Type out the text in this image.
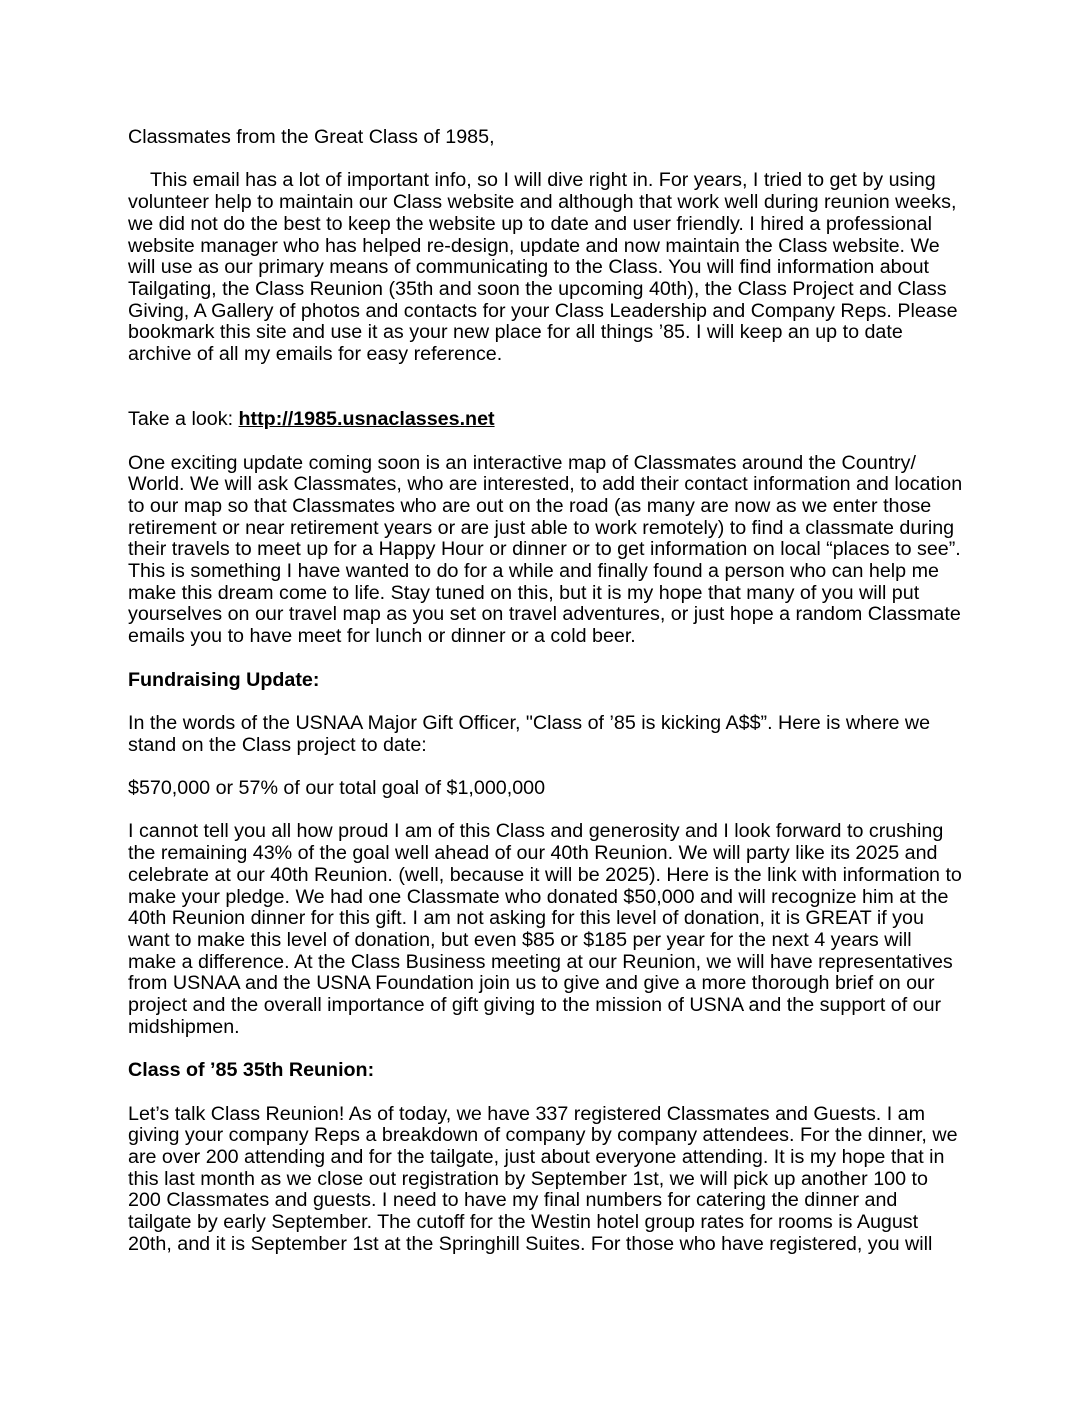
Classmates from the Great Class of 1985,
This email has a lot of important info, so I will dive right in. For years, I tried to get by using volunteer help to maintain our Class website and although that work well during reunion weeks, we did not do the best to keep the website up to date and user friendly. I hired a professional website manager who has helped re-design, update and now maintain the Class website. We will use as our primary means of communicating to the Class. You will find information about Tailgating, the Class Reunion (35th and soon the upcoming 40th), the Class Project and Class Giving, A Gallery of photos and contacts for your Class Leadership and Company Reps. Please bookmark this site and use it as your new place for all things ’85. I will keep an up to date archive of all my emails for easy reference.
Take a look: http://1985.usnaclasses.net
One exciting update coming soon is an interactive map of Classmates around the Country/ World. We will ask Classmates, who are interested, to add their contact information and location to our map so that Classmates who are out on the road (as many are now as we enter those retirement or near retirement years or are just able to work remotely) to find a classmate during their travels to meet up for a Happy Hour or dinner or to get information on local “places to see”. This is something I have wanted to do for a while and finally found a person who can help me make this dream come to life. Stay tuned on this, but it is my hope that many of you will put yourselves on our travel map as you set on travel adventures, or just hope a random Classmate emails you to have meet for lunch or dinner or a cold beer.
Fundraising Update:
In the words of the USNAA Major Gift Officer, "Class of ’85 is kicking A$$”. Here is where we stand on the Class project to date:
$570,000 or 57% of our total goal of $1,000,000
I cannot tell you all how proud I am of this Class and generosity and I look forward to crushing the remaining 43% of the goal well ahead of our 40th Reunion. We will party like its 2025 and celebrate at our 40th Reunion. (well, because it will be 2025). Here is the link with information to make your pledge. We had one Classmate who donated $50,000 and will recognize him at the 40th Reunion dinner for this gift. I am not asking for this level of donation, it is GREAT if you want to make this level of donation, but even $85 or $185 per year for the next 4 years will make a difference. At the Class Business meeting at our Reunion, we will have representatives from USNAA and the USNA Foundation join us to give and give a more thorough brief on our project and the overall importance of gift giving to the mission of USNA and the support of our midshipmen.
Class of ’85 35th Reunion:
Let’s talk Class Reunion! As of today, we have 337 registered Classmates and Guests. I am giving your company Reps a breakdown of company by company attendees. For the dinner, we are over 200 attending and for the tailgate, just about everyone attending. It is my hope that in this last month as we close out registration by September 1st, we will pick up another 100 to 200 Classmates and guests. I need to have my final numbers for catering the dinner and tailgate by early September. The cutoff for the Westin hotel group rates for rooms is August 20th, and it is September 1st at the Springhill Suites. For those who have registered, you will
